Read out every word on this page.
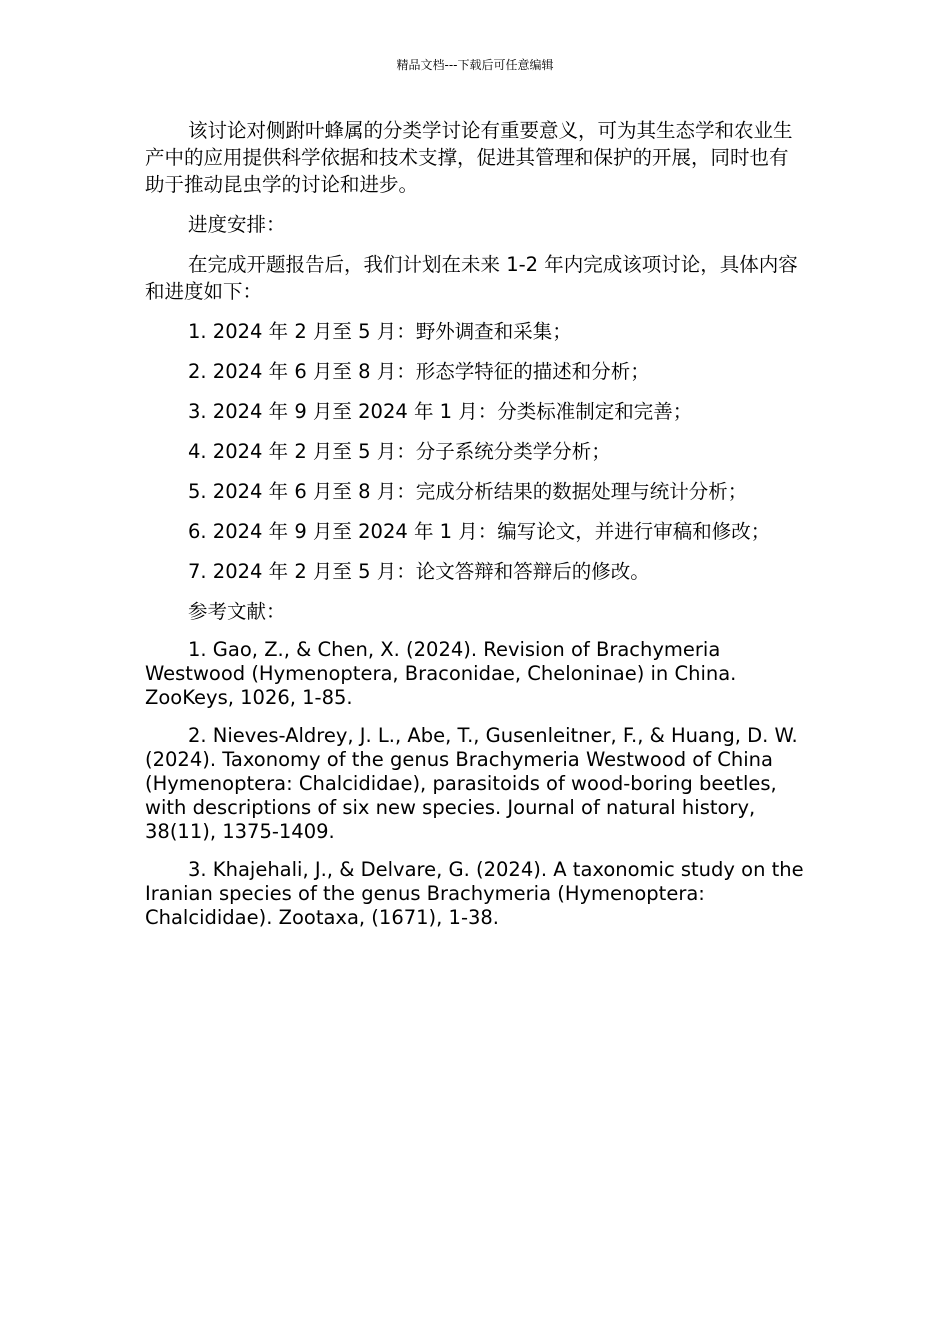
精品文档---下载后可任意编辑

该讨论对侧跗叶蜂属的分类学讨论有重要意义，可为其生态学和农业生产中的应用提供科学依据和技术支撑，促进其管理和保护的开展，同时也有助于推动昆虫学的讨论和进步。

进度安排：

在完成开题报告后，我们计划在未来 1-2 年内完成该项讨论，具体内容和进度如下：

1. 2024 年 2 月至 5 月：野外调查和采集；

2. 2024 年 6 月至 8 月：形态学特征的描述和分析；

3. 2024 年 9 月至 2024 年 1 月：分类标准制定和完善；

4. 2024 年 2 月至 5 月：分子系统分类学分析；

5. 2024 年 6 月至 8 月：完成分析结果的数据处理与统计分析；

6. 2024 年 9 月至 2024 年 1 月：编写论文，并进行审稿和修改；

7. 2024 年 2 月至 5 月：论文答辩和答辩后的修改。

参考文献：

1. Gao, Z., & Chen, X. (2024). Revision of Brachymeria Westwood (Hymenoptera, Braconidae, Cheloninae) in China. ZooKeys, 1026, 1-85.

2. Nieves-Aldrey, J. L., Abe, T., Gusenleitner, F., & Huang, D. W. (2024). Taxonomy of the genus Brachymeria Westwood of China (Hymenoptera: Chalcididae), parasitoids of wood-boring beetles, with descriptions of six new species. Journal of natural history, 38(11), 1375-1409.

3. Khajehali, J., & Delvare, G. (2024). A taxonomic study on the Iranian species of the genus Brachymeria (Hymenoptera: Chalcididae). Zootaxa, (1671), 1-38.
